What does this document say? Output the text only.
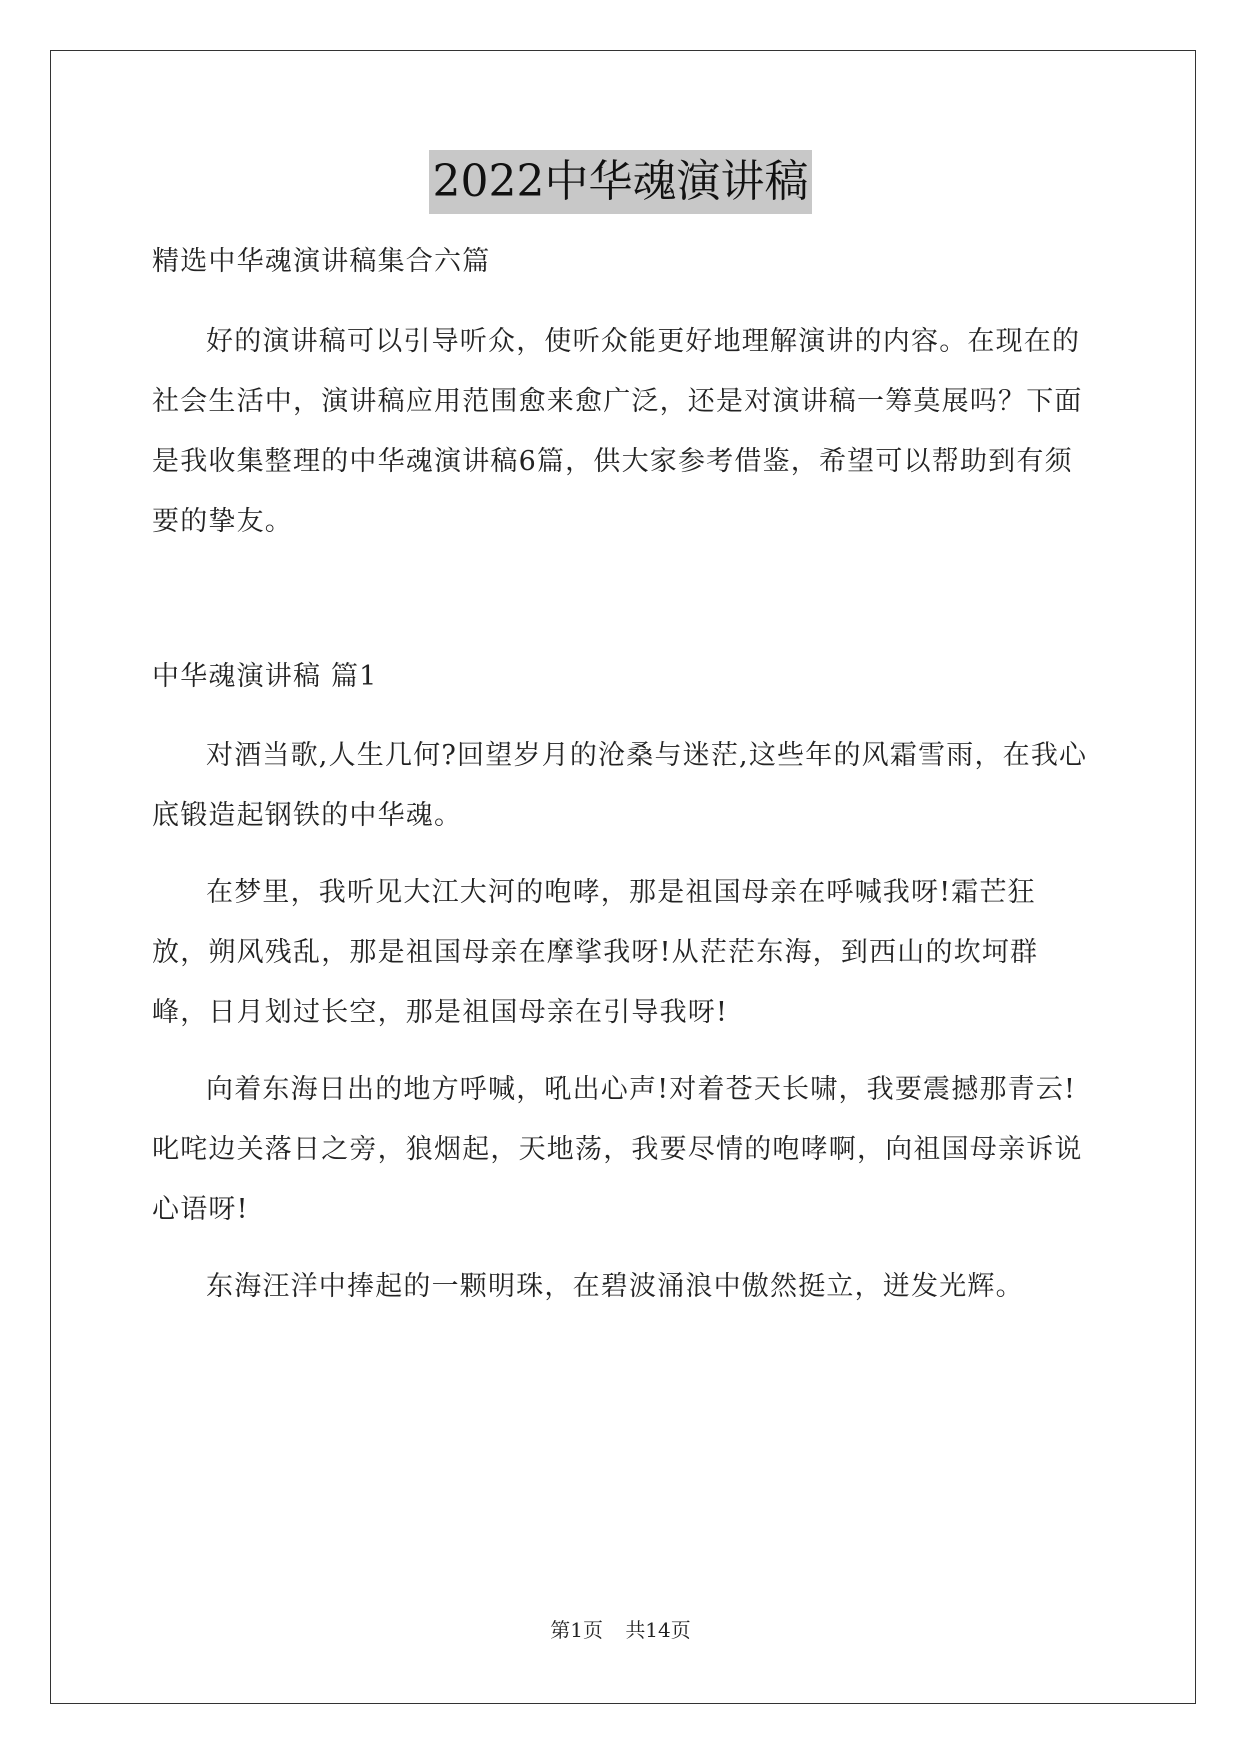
2022中华魂演讲稿

精选中华魂演讲稿集合六篇

好的演讲稿可以引导听众，使听众能更好地理解演讲的内容。在现在的社会生活中，演讲稿应用范围愈来愈广泛，还是对演讲稿一筹莫展吗？下面是我收集整理的中华魂演讲稿6篇，供大家参考借鉴，希望可以帮助到有须要的挚友。

中华魂演讲稿 篇1

对酒当歌,人生几何?回望岁月的沧桑与迷茫,这些年的风霜雪雨，在我心底锻造起钢铁的中华魂。

在梦里，我听见大江大河的咆哮，那是祖国母亲在呼喊我呀!霜芒狂放，朔风残乱，那是祖国母亲在摩挲我呀!从茫茫东海，到西山的坎坷群峰，日月划过长空，那是祖国母亲在引导我呀!

向着东海日出的地方呼喊，吼出心声!对着苍天长啸，我要震撼那青云!叱咤边关落日之旁，狼烟起，天地荡，我要尽情的咆哮啊，向祖国母亲诉说心语呀!

东海汪洋中捧起的一颗明珠，在碧波涌浪中傲然挺立，迸发光辉。

第1页 共14页
